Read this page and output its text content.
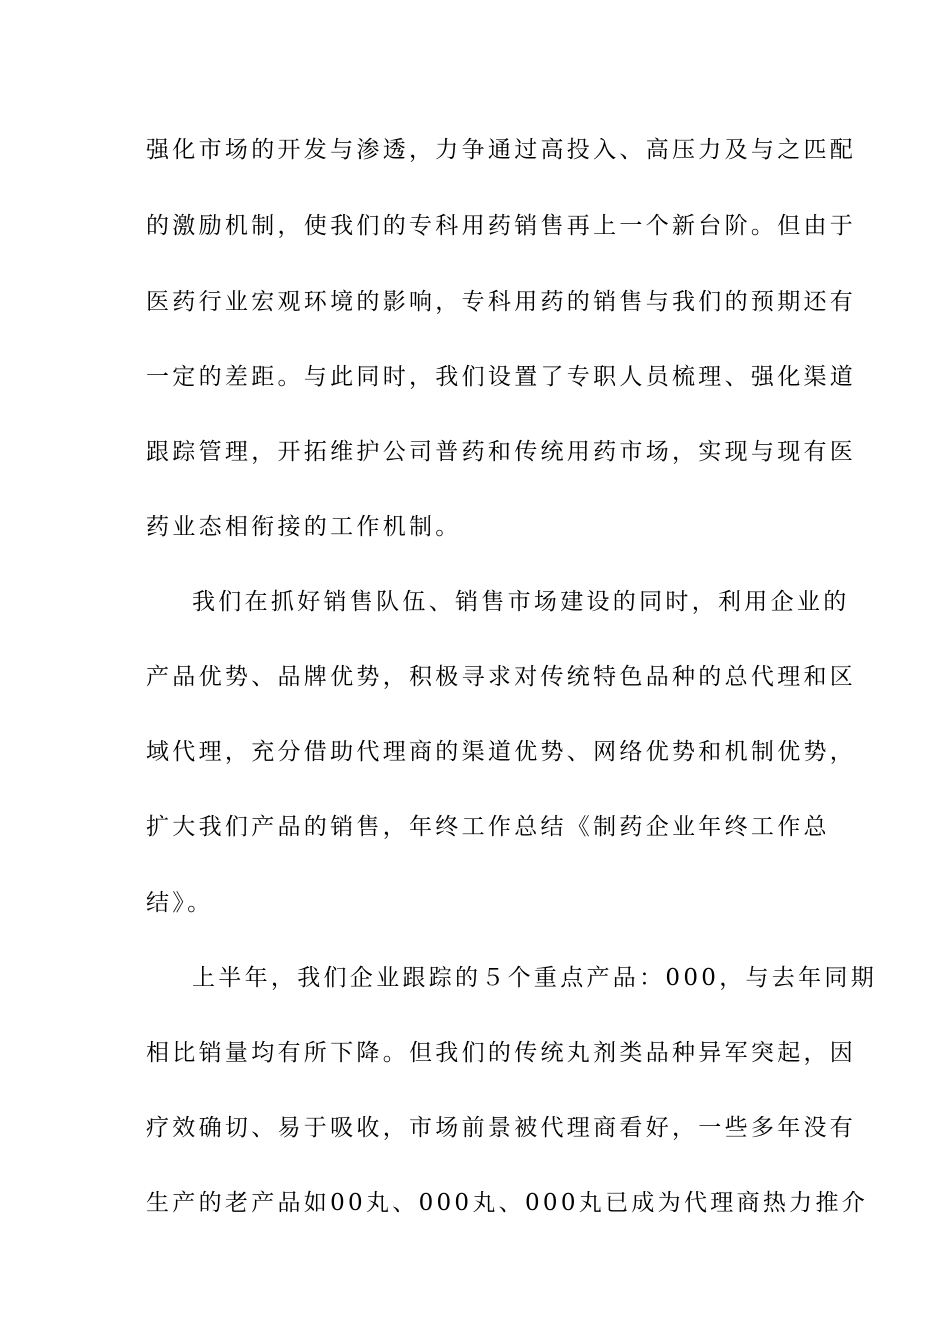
强化市场的开发与渗透，力争通过高投入、高压力及与之匹配
的激励机制，使我们的专科用药销售再上一个新台阶。但由于
医药行业宏观环境的影响，专科用药的销售与我们的预期还有
一定的差距。与此同时，我们设置了专职人员梳理、强化渠道
跟踪管理，开拓维护公司普药和传统用药市场，实现与现有医
药业态相衔接的工作机制。
我们在抓好销售队伍、销售市场建设的同时，利用企业的
产品优势、品牌优势，积极寻求对传统特色品种的总代理和区
域代理，充分借助代理商的渠道优势、网络优势和机制优势，
扩大我们产品的销售，年终工作总结《制药企业年终工作总
结》。
上半年，我们企业跟踪的５个重点产品：000，与去年同期
相比销量均有所下降。但我们的传统丸剂类品种异军突起，因
疗效确切、易于吸收，市场前景被代理商看好，一些多年没有
生产的老产品如00丸、000丸、000丸已成为代理商热力推介
